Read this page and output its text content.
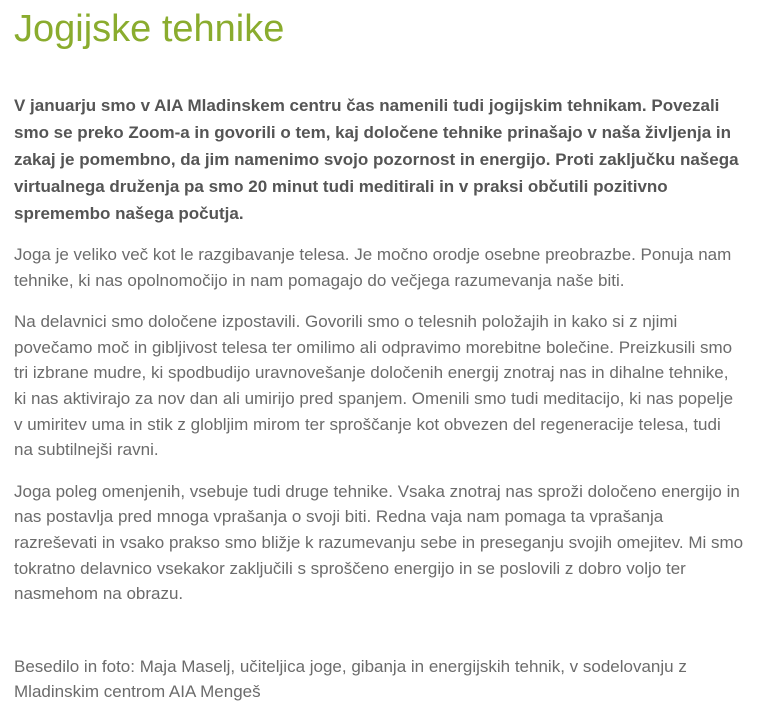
Jogijske tehnike

V januarju smo v AIA Mladinskem centru čas namenili tudi jogijskim tehnikam. Povezali smo se preko Zoom-a in govorili o tem, kaj določene tehnike prinašajo v naša življenja in zakaj je pomembno, da jim namenimo svojo pozornost in energijo. Proti zaključku našega virtualnega druženja pa smo 20 minut tudi meditirali in v praksi občutili pozitivno spremembo našega počutja.

Joga je veliko več kot le razgibavanje telesa. Je močno orodje osebne preobrazbe. Ponuja nam tehnike, ki nas opolnomočijo in nam pomagajo do večjega razumevanja naše biti.

Na delavnici smo določene izpostavili. Govorili smo o telesnih položajih in kako si z njimi povečamo moč in gibljivost telesa ter omilimo ali odpravimo morebitne bolečine. Preizkusili smo tri izbrane mudre, ki spodbudijo uravnovešanje določenih energij znotraj nas in dihalne tehnike, ki nas aktivirajo za nov dan ali umirijo pred spanjem. Omenili smo tudi meditacijo, ki nas popelje v umiritev uma in stik z globljim mirom ter sproščanje kot obvezen del regeneracije telesa, tudi na subtilnejši ravni.

Joga poleg omenjenih, vsebuje tudi druge tehnike. Vsaka znotraj nas sproži določeno energijo in nas postavlja pred mnoga vprašanja o svoji biti. Redna vaja nam pomaga ta vprašanja razreševati in vsako prakso smo bližje k razumevanju sebe in preseganju svojih omejitev. Mi smo tokratno delavnico vsekakor zaključili s sproščeno energijo in se poslovili z dobro voljo ter nasmehom na obrazu.

Besedilo in foto: Maja Maselj, učiteljica joge, gibanja in energijskih tehnik, v sodelovanju z Mladinskim centrom AIA Mengeš
